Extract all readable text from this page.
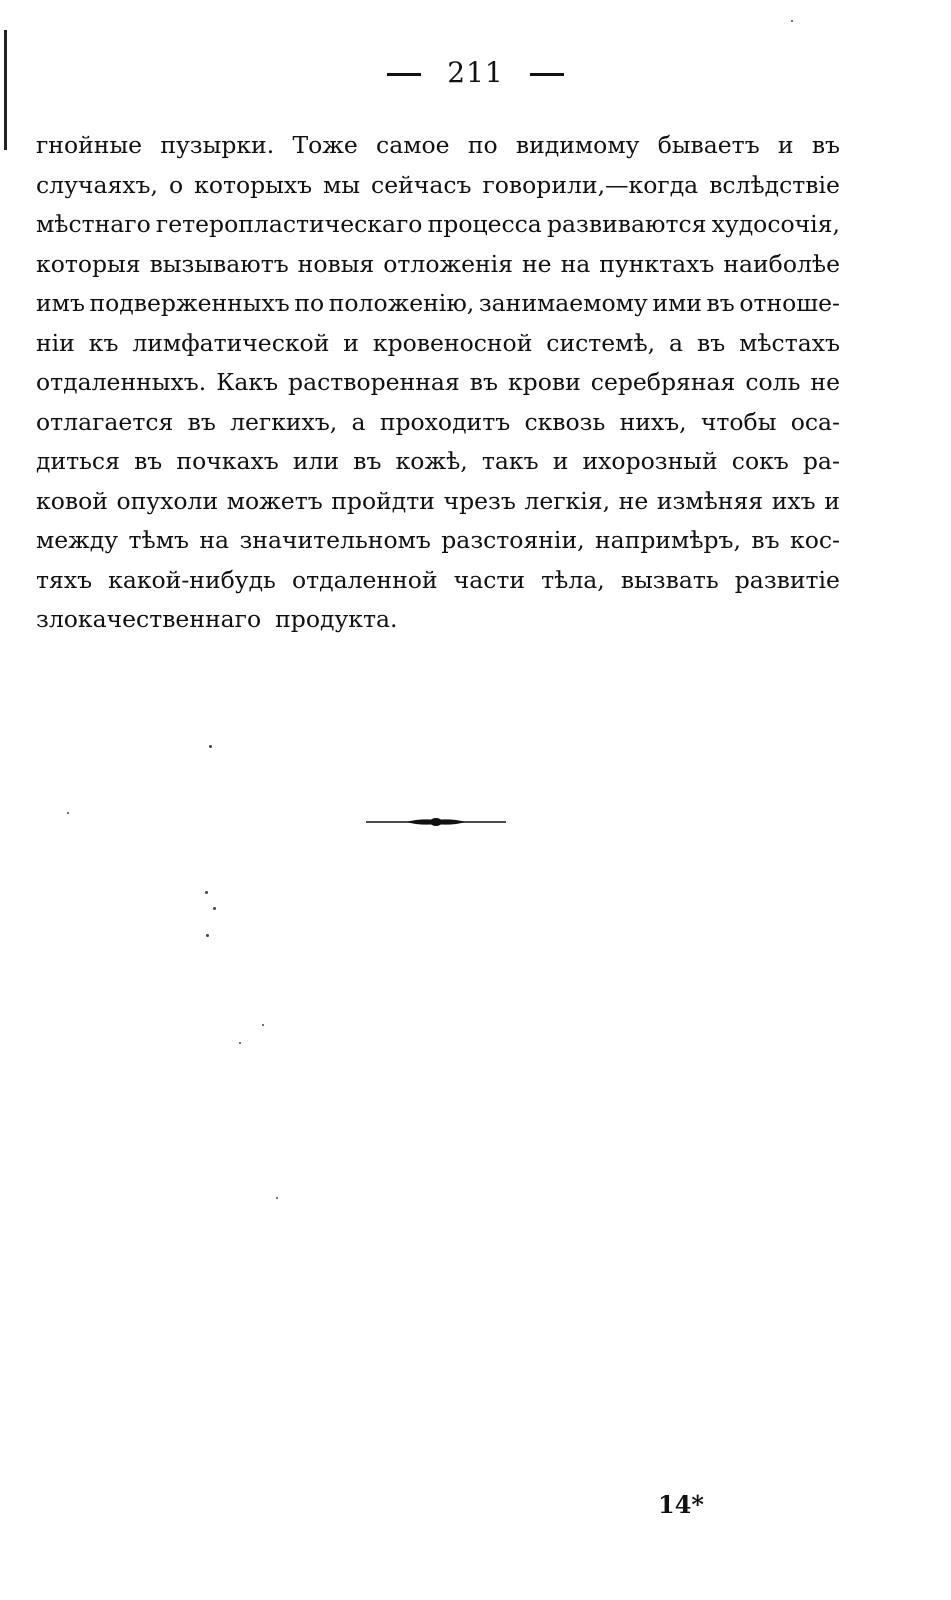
211
гнойные пузырки. Тоже самое по видимому бываетъ и въ
случаяхъ, о которыхъ мы сейчасъ говорили,—когда вслѣдствіе
мѣстнаго гетеропластическаго процесса развиваются худосочія,
которыя вызываютъ новыя отложенія не на пунктахъ наиболѣе
имъ подверженныхъ по положенію, занимаемому ими въ отноше-
ніи къ лимфатической и кровеносной системѣ, а въ мѣстахъ
отдаленныхъ. Какъ растворенная въ крови серебряная соль не
отлагается въ легкихъ, а проходитъ сквозь нихъ, чтобы оса-
диться въ почкахъ или въ кожѣ, такъ и ихорозный сокъ ра-
ковой опухоли можетъ пройдти чрезъ легкія, не измѣняя ихъ и
между тѣмъ на значительномъ разстояніи, напримѣръ, въ кос-
тяхъ какой-нибудь отдаленной части тѣла, вызвать развитіе
злокачественнаго продукта.
14*
